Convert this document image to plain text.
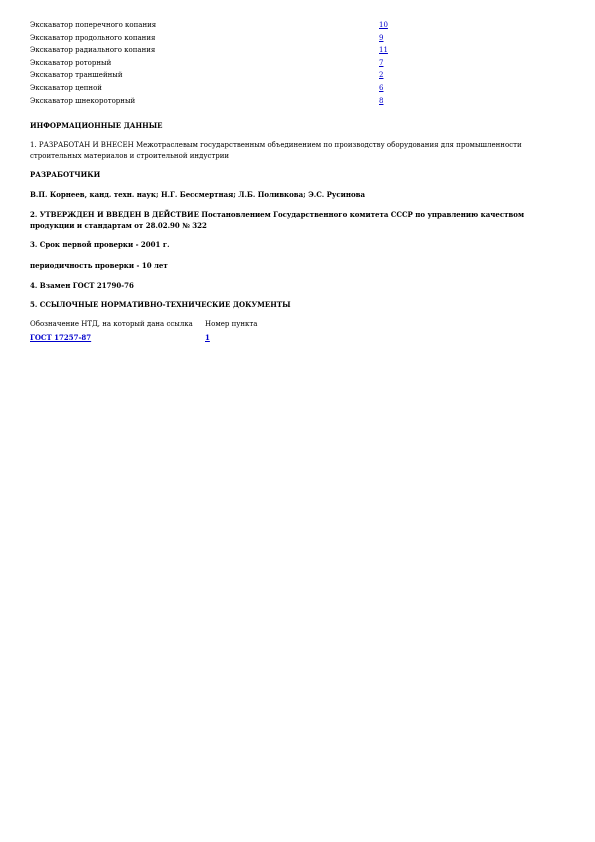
Экскаватор поперечного копания	10
Экскаватор продольного копания	9
Экскаватор радиального копания	11
Экскаватор роторный	7
Экскаватор траншейный	2
Экскаватор цепной	6
Экскаватор шнекороторный	8
ИНФОРМАЦИОННЫЕ ДАННЫЕ
1. РАЗРАБОТАН И ВНЕСЕН Межотраслевым государственным объединением по производству оборудования для промышленности строительных материалов и строительной индустрии
РАЗРАБОТЧИКИ
В.П. Корнеев, канд. техн. наук; Н.Г. Бессмертная; Л.Б. Поливкова; Э.С. Русинова
2. УТВЕРЖДЕН И ВВЕДЕН В ДЕЙСТВИЕ Постановлением Государственного комитета СССР по управлению качеством продукции и стандартам от 28.02.90 № 322
3. Срок первой проверки - 2001 г.
периодичность проверки - 10 лет
4. Взамен ГОСТ 21790-76
5. ССЫЛОЧНЫЕ НОРМАТИВНО-ТЕХНИЧЕСКИЕ ДОКУМЕНТЫ
Обозначение НТД, на который дана ссылка	Номер пункта
ГОСТ 17257-87	1
